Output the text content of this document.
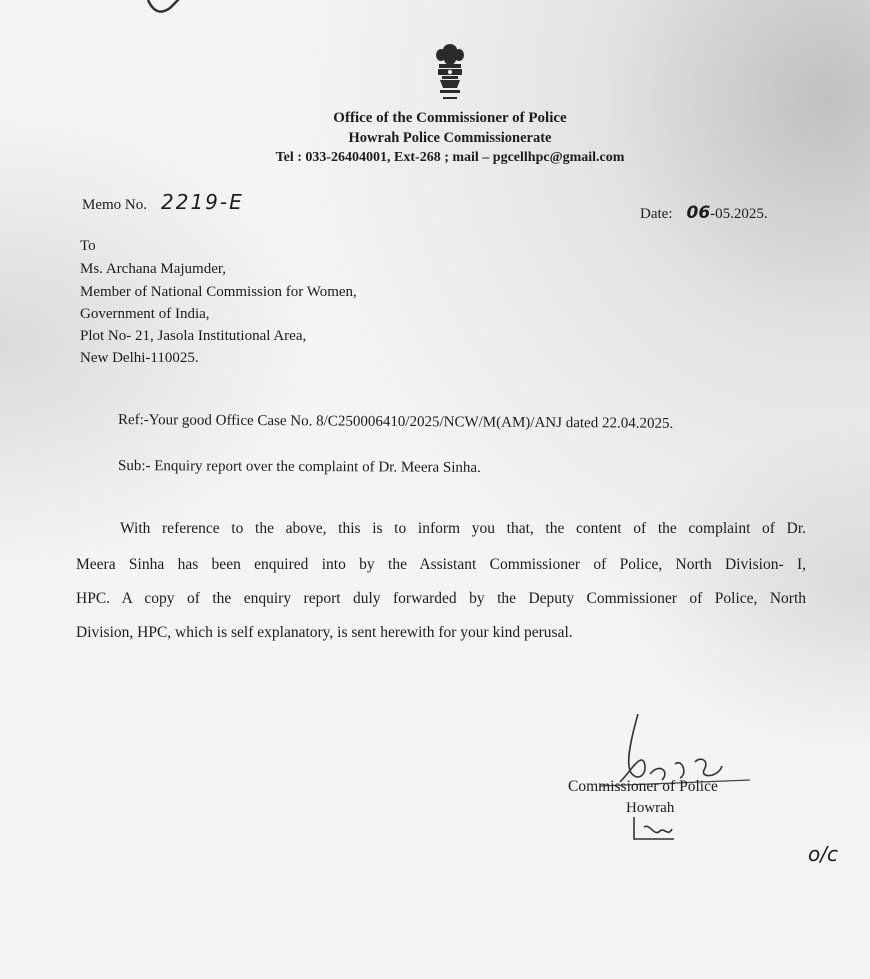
Office of the Commissioner of Police
Howrah Police Commissionerate
Tel : 033-26404001, Ext-268 ; mail – pgcellhpc@gmail.com
Memo No. 2219-E	Date: 06-05.2025.
To
Ms. Archana Majumder,
Member of National Commission for Women,
Government of India,
Plot No- 21, Jasola Institutional Area,
New Delhi-110025.
Ref:-Your good Office Case No. 8/C250006410/2025/NCW/M(AM)/ANJ dated 22.04.2025.
Sub:- Enquiry report over the complaint of Dr. Meera Sinha.
With reference to the above, this is to inform you that, the content of the complaint of Dr.
Meera Sinha has been enquired into by the Assistant Commissioner of Police, North Division- I,
HPC. A copy of the enquiry report duly forwarded by the Deputy Commissioner of Police, North
Division, HPC, which is self explanatory, is sent herewith for your kind perusal.
Commissioner of Police
Howrah
o/c
